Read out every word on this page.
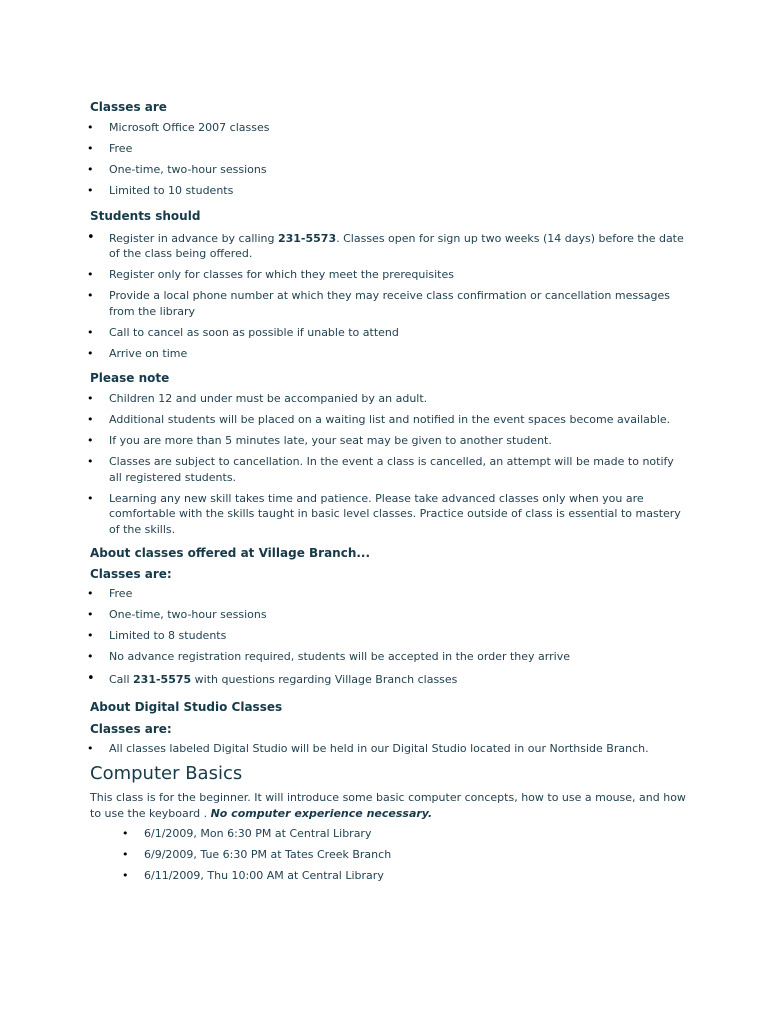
Classes are
• Microsoft Office 2007 classes
• Free
• One-time, two-hour sessions
• Limited to 10 students
Students should
• Register in advance by calling 231-5573. Classes open for sign up two weeks (14 days) before the date of the class being offered.
• Register only for classes for which they meet the prerequisites
• Provide a local phone number at which they may receive class confirmation or cancellation messages from the library
• Call to cancel as soon as possible if unable to attend
• Arrive on time
Please note
• Children 12 and under must be accompanied by an adult.
• Additional students will be placed on a waiting list and notified in the event spaces become available.
• If you are more than 5 minutes late, your seat may be given to another student.
• Classes are subject to cancellation. In the event a class is cancelled, an attempt will be made to notify all registered students.
• Learning any new skill takes time and patience. Please take advanced classes only when you are comfortable with the skills taught in basic level classes. Practice outside of class is essential to mastery of the skills.
About classes offered at Village Branch...
Classes are:
• Free
• One-time, two-hour sessions
• Limited to 8 students
• No advance registration required, students will be accepted in the order they arrive
• Call 231-5575 with questions regarding Village Branch classes
About Digital Studio Classes
Classes are:
• All classes labeled Digital Studio will be held in our Digital Studio located in our Northside Branch.
Computer Basics
This class is for the beginner. It will introduce some basic computer concepts, how to use a mouse, and how to use the keyboard . No computer experience necessary.
• 6/1/2009, Mon 6:30 PM at Central Library
• 6/9/2009, Tue 6:30 PM at Tates Creek Branch
• 6/11/2009, Thu 10:00 AM at Central Library
